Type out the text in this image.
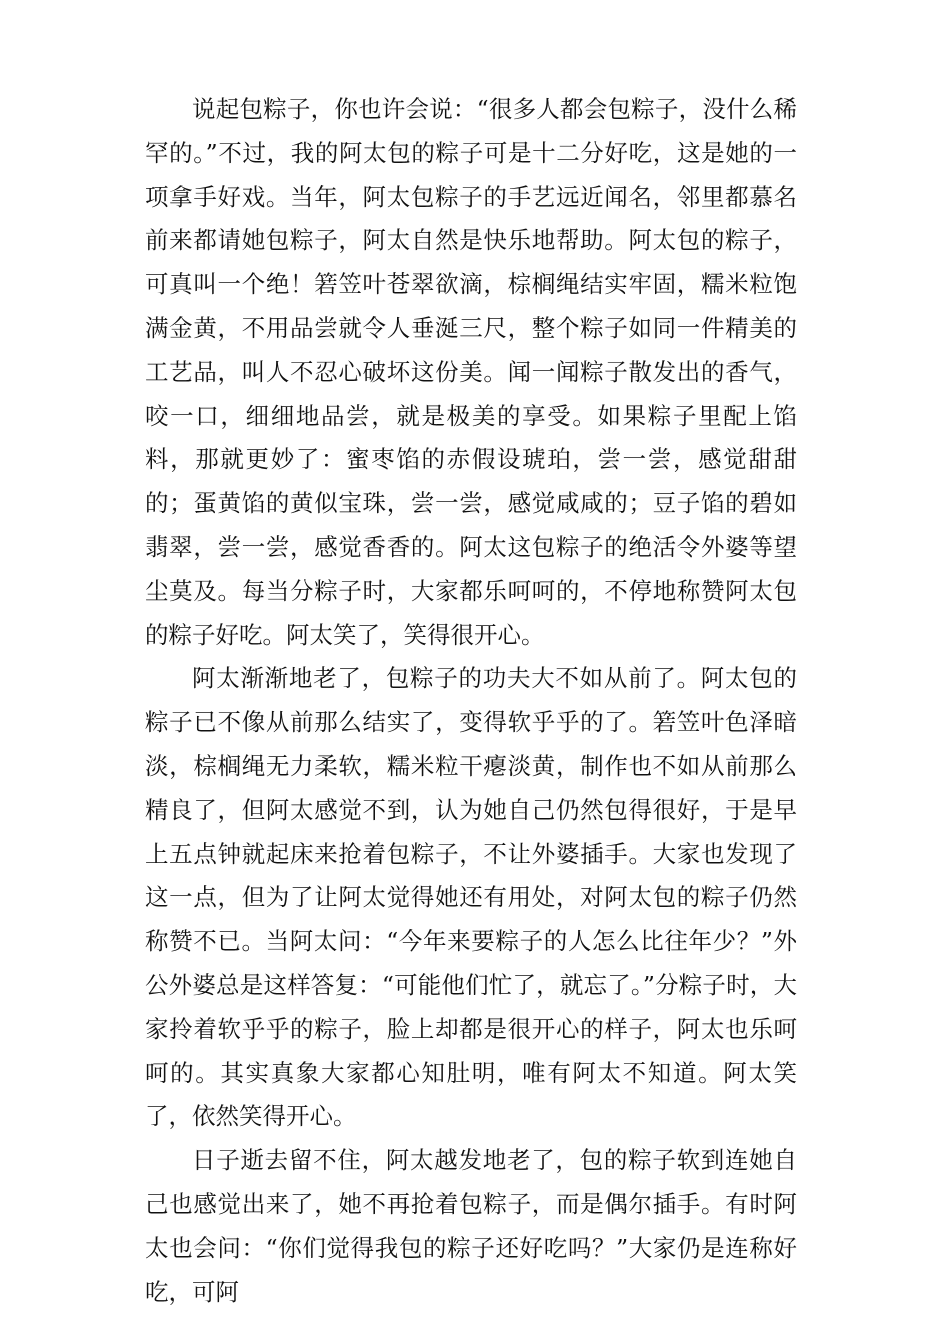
说起包粽子，你也许会说：“很多人都会包粽子，没什么稀罕的。”不过，我的阿太包的粽子可是十二分好吃，这是她的一项拿手好戏。当年，阿太包粽子的手艺远近闻名，邻里都慕名前来都请她包粽子，阿太自然是快乐地帮助。阿太包的粽子，可真叫一个绝！箬笠叶苍翠欲滴，棕榈绳结实牢固，糯米粒饱满金黄，不用品尝就令人垂涎三尺，整个粽子如同一件精美的工艺品，叫人不忍心破坏这份美。闻一闻粽子散发出的香气，咬一口，细细地品尝，就是极美的享受。如果粽子里配上馅料，那就更妙了：蜜枣馅的赤假设琥珀，尝一尝，感觉甜甜的；蛋黄馅的黄似宝珠，尝一尝，感觉咸咸的；豆子馅的碧如翡翠，尝一尝，感觉香香的。阿太这包粽子的绝活令外婆等望尘莫及。每当分粽子时，大家都乐呵呵的，不停地称赞阿太包的粽子好吃。阿太笑了，笑得很开心。

阿太渐渐地老了，包粽子的功夫大不如从前了。阿太包的粽子已不像从前那么结实了，变得软乎乎的了。箬笠叶色泽暗淡，棕榈绳无力柔软，糯米粒干瘪淡黄，制作也不如从前那么精良了，但阿太感觉不到，认为她自己仍然包得很好，于是早上五点钟就起床来抢着包粽子，不让外婆插手。大家也发现了这一点，但为了让阿太觉得她还有用处，对阿太包的粽子仍然称赞不已。当阿太问：“今年来要粽子的人怎么比往年少？”外公外婆总是这样答复：“可能他们忙了，就忘了。”分粽子时，大家拎着软乎乎的粽子，脸上却都是很开心的样子，阿太也乐呵呵的。其实真象大家都心知肚明，唯有阿太不知道。阿太笑了，依然笑得开心。

日子逝去留不住，阿太越发地老了，包的粽子软到连她自己也感觉出来了，她不再抢着包粽子，而是偶尔插手。有时阿太也会问：“你们觉得我包的粽子还好吃吗？”大家仍是连称好吃，可阿
